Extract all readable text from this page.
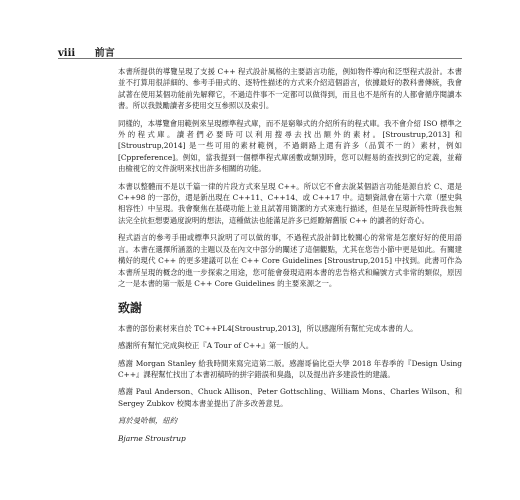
viii 前言

本書所提供的導覽呈現了支援 C++ 程式設計風格的主要語言功能，例如物件導向和泛型程式設計。本書並不打算用很詳細的、參考手冊式的、逐特性描述的方式來介紹這個語言，依據最好的教科書傳統，我會試著在使用某個功能前先解釋它，不過這件事不一定都可以做得到，而且也不是所有的人都會循序閱讀本書。所以我鼓勵讀者多使用交互參照以及索引。

同樣的，本導覽會用範例來呈現標準程式庫，而不是窮舉式的介紹所有的程式庫。我不會介紹 ISO 標準之外的程式庫。讀者們必要時可以利用搜尋去找出額外的素材。[Stroustrup,2013] 和 [Stroustrup,2014] 是一些可用的素材範例，不過網路上還有許多（品質不一的）素材，例如 [Cppreference]。例如，當我提到一個標準程式庫函數或類別時，您可以輕易的查找到它的定義，並藉由檢視它的文件說明來找出許多相關的功能。

本書以整體而不是以千篇一律的片段方式來呈現 C++。所以它不會去說某個語言功能是源自於 C、還是 C++98 的一部份，還是新出現在 C++11、C++14、或 C++17 中。這類資訊會在第十六章（歷史與相容性）中呈現。我會聚焦在基礎功能上並且試著用簡潔的方式來進行描述，但是在呈現新特性時我也無法完全抗拒想要過度說明的想法，這種做法也能滿足許多已經瞭解舊版 C++ 的讀者的好奇心。

程式語言的參考手冊或標準只說明了可以做的事，不過程式設計師比較關心的常常是怎麼好好的使用語言。本書在選擇所涵蓋的主題以及在內文中部分的闡述了這個觀點，尤其在您告小節中更是如此。有關建構好的現代 C++ 的更多建議可以在 C++ Core Guidelines [Stroustrup,2015] 中找到。此書可作為本書所呈現的概念的進一步探索之用途，您可能會發現這兩本書的忠告格式和編號方式非常的類似，原因之一是本書的第一版是 C++ Core Guidelines 的主要來源之一。

致謝

本書的部份素材來自於 TC++PL4[Stroustrup,2013]，所以感謝所有幫忙完成本書的人。

感謝所有幫忙完成與校正『A Tour of C++』第一版的人。

感謝 Morgan Stanley 給我時間來寫完這第二版。感謝哥倫比亞大學 2018 年春季的『Design Using C++』課程幫忙找出了本書初稿時的拼字錯誤和臭蟲，以及提出許多建設性的建議。

感謝 Paul Anderson、Chuck Allison、Peter Gottschling、William Mons、Charles Wilson、和 Sergey Zubkov 校閱本書並提出了許多改善意見。

寫於曼哈頓，紐約

Bjarne Stroustrup
